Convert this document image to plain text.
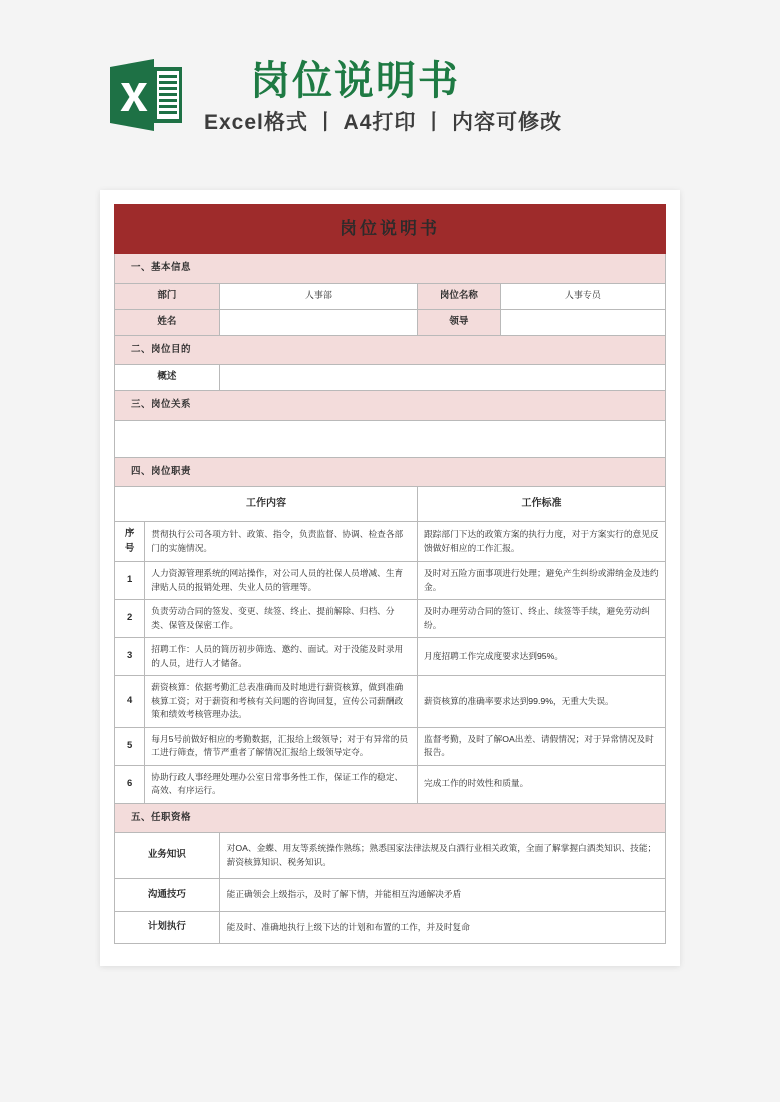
岗位说明书
Excel格式 丨 A4打印 丨 内容可修改
岗位说明书				
一、基本信息				
部门		人事部	岗位名称	人事专员
姓名			领导	
二、岗位目的				
概述				
三、岗位关系				

四、岗位职责				
工作内容			工作标准	
序号	贯彻执行公司各项方针、政策、指令，负责监督、协调、检查各部门的实施情况。		跟踪部门下达的政策方案的执行力度，对于方案实行的意见反馈做好相应的工作汇报。	
1	人力资源管理系统的网站操作，对公司人员的社保人员增减、生育津贴人员的报销处理、失业人员的管理等。		及时对五险方面事项进行处理；避免产生纠纷或滞纳金及违约金。	
2	负责劳动合同的签发、变更、续签、终止、提前解除、归档、分类、保管及保密工作。		及时办理劳动合同的签订、终止、续签等手续，避免劳动纠纷。	
3	招聘工作：人员的简历初步筛选、邀约、面试。对于没能及时录用的人员，进行人才储备。		月度招聘工作完成度要求达到95%。	
4	薪资核算：依据考勤汇总表准确而及时地进行薪资核算，做到准确核算工资；对于薪资和考核有关问题的咨询回复，宣传公司薪酬政策和绩效考核管理办法。		薪资核算的准确率要求达到99.9%，无重大失误。	
5	每月5号前做好相应的考勤数据，汇报给上级领导；对于有异常的员工进行筛查，情节严重者了解情况汇报给上级领导定夺。		监督考勤，及时了解OA出差、请假情况；对于异常情况及时报告。	
6	协助行政人事经理处理办公室日常事务性工作，保证工作的稳定、高效、有序运行。		完成工作的时效性和质量。	
五、任职资格				
业务知识		对OA、金蝶、用友等系统操作熟练；熟悉国家法律法规及白酒行业相关政策，全面了解掌握白酒类知识、技能；薪资核算知识、税务知识。		
沟通技巧		能正确领会上级指示，及时了解下情，并能相互沟通解决矛盾		
计划执行		能及时、准确地执行上级下达的计划和布置的工作，并及时复命		
